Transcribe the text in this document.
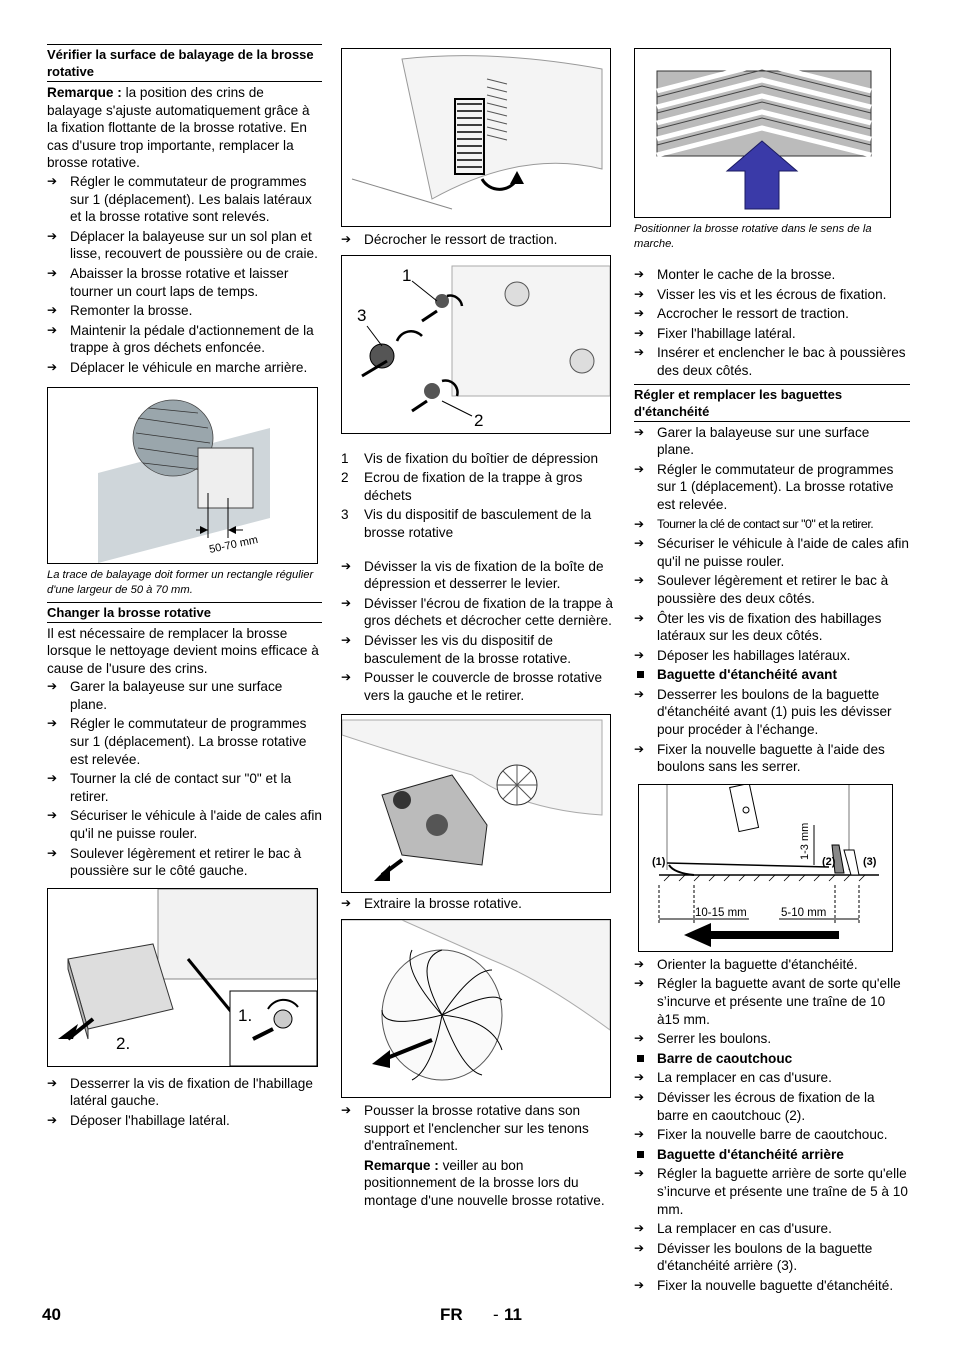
Vérifier la surface de balayage de la brosse rotative

Remarque : la position des crins de balayage s'ajuste automatiquement grâce à la fixation flottante de la brosse rotative. En cas d'usure trop importante, remplacer la brosse rotative.

➔ Régler le commutateur de programmes sur 1 (déplacement). Les balais latéraux et la brosse rotative sont relevés.
➔ Déplacer la balayeuse sur un sol plan et lisse, recouvert de poussière ou de craie.
➔ Abaisser la brosse rotative et laisser tourner un court laps de temps.
➔ Remonter la brosse.
➔ Maintenir la pédale d'actionnement de la trappe à gros déchets enfoncée.
➔ Déplacer le véhicule en marche arrière.
50-70 mm
La trace de balayage doit former un rectangle régulier d'une largeur de 50 à 70 mm.
Changer la brosse rotative

Il est nécessaire de remplacer la brosse lorsque le nettoyage devient moins efficace à cause de l'usure des crins.

➔ Garer la balayeuse sur une surface plane.
➔ Régler le commutateur de programmes sur 1 (déplacement). La brosse rotative est relevée.
➔ Tourner la clé de contact sur "0" et la retirer.
➔ Sécuriser le véhicule à l'aide de cales afin qu'il ne puisse rouler.
➔ Soulever légèrement et retirer le bac à poussière sur le côté gauche.
1.
2.
➔ Desserrer la vis de fixation de l'habillage latéral gauche.
➔ Déposer l'habillage latéral.
➔ Décrocher le ressort de traction.
1
3
2
1 Vis de fixation du boîtier de dépression
2 Ecrou de fixation de la trappe à gros déchets
3 Vis du dispositif de basculement de la brosse rotative
➔ Dévisser la vis de fixation de la boîte de dépression et desserrer le levier.
➔ Dévisser l'écrou de fixation de la trappe à gros déchets et décrocher cette dernière.
➔ Dévisser les vis du dispositif de basculement de la brosse rotative.
➔ Pousser le couvercle de brosse rotative vers la gauche et le retirer.
➔ Extraire la brosse rotative.
➔ Pousser la brosse rotative dans son support et l'enclencher sur les tenons d'entraînement.
Remarque : veiller au bon positionnement de la brosse lors du montage d'une nouvelle brosse rotative.
Positionner la brosse rotative dans le sens de la marche.
➔ Monter le cache de la brosse.
➔ Visser les vis et les écrous de fixation.
➔ Accrocher le ressort de traction.
➔ Fixer l'habillage latéral.
➔ Insérer et enclencher le bac à poussières des deux côtés.
Régler et remplacer les baguettes d'étanchéité
➔ Garer la balayeuse sur une surface plane.
➔ Régler le commutateur de programmes sur 1 (déplacement). La brosse rotative est relevée.
➔ Tourner la clé de contact sur "0" et la retirer.
➔ Sécuriser le véhicule à l'aide de cales afin qu'il ne puisse rouler.
➔ Soulever légèrement et retirer le bac à poussière des deux côtés.
➔ Ôter les vis de fixation des habillages latéraux sur les deux côtés.
➔ Déposer les habillages latéraux.
Baguette d'étanchéité avant
➔ Desserrer les boulons de la baguette d'étanchéité avant (1) puis les dévisser pour procéder à l'échange.
➔ Fixer la nouvelle baguette à l'aide des boulons sans les serrer.
1-3 mm
10-15 mm	5-10 mm
(1)	(2)	(3)
➔ Orienter la baguette d'étanchéité.
➔ Régler la baguette avant de sorte qu'elle s’incurve et présente une traîne de 10 à15 mm.
➔ Serrer les boulons.
Barre de caoutchouc
➔ La remplacer en cas d'usure.
➔ Dévisser les écrous de fixation de la barre en caoutchouc (2).
➔ Fixer la nouvelle barre de caoutchouc.
Baguette d'étanchéité arrière
➔ Régler la baguette arrière de sorte qu'elle s’incurve et présente une traîne de 5 à 10 mm.
➔ La remplacer en cas d'usure.
➔ Dévisser les boulons de la baguette d'étanchéité arrière (3).
➔ Fixer la nouvelle baguette d'étanchéité.
40	FR - 11
